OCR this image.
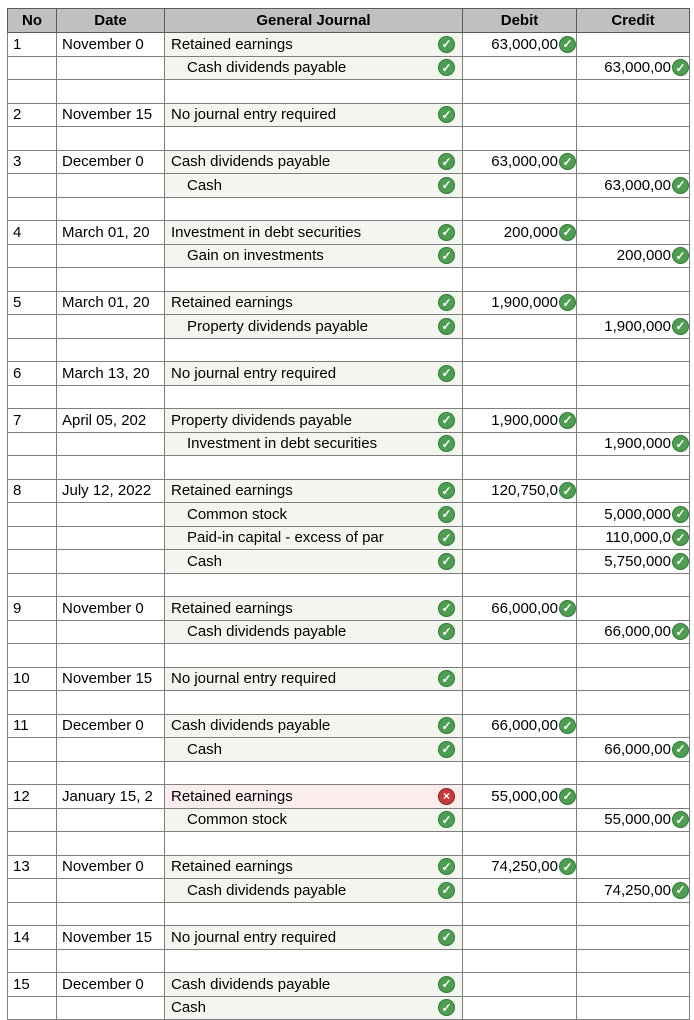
No	Date	General Journal	Debit	Credit
1	November 0	Retained earnings ✓	63,000,00 ✓	

		Cash dividends payable ✓		63,000,00 ✓

2	November 15	No journal entry required ✓		

3	December 0	Cash dividends payable ✓	63,000,00 ✓	

		Cash ✓		63,000,00 ✓

4	March 01, 20	Investment in debt securities ✓	200,000 ✓	

		Gain on investments ✓		200,000 ✓

5	March 01, 20	Retained earnings ✓	1,900,000 ✓	

		Property dividends payable ✓		1,900,000 ✓

6	March 13, 20	No journal entry required ✓		

7	April 05, 202	Property dividends payable ✓	1,900,000 ✓	

		Investment in debt securities ✓		1,900,000 ✓

8	July 12, 2022	Retained earnings ✓	120,750,0 ✓	

		Common stock ✓		5,000,000 ✓

		Paid-in capital - excess of par ✓		110,000,0 ✓

		Cash ✓		5,750,000 ✓

9	November 0	Retained earnings ✓	66,000,00 ✓	

		Cash dividends payable ✓		66,000,00 ✓

10	November 15	No journal entry required ✓		

11	December 0	Cash dividends payable ✓	66,000,00 ✓	

		Cash ✓		66,000,00 ✓

12	January 15, 2	Retained earnings ×	55,000,00 ✓	

		Common stock ✓		55,000,00 ✓

13	November 0	Retained earnings ✓	74,250,00 ✓	

		Cash dividends payable ✓		74,250,00 ✓

14	November 15	No journal entry required ✓		

15	December 0	Cash dividends payable ✓		

		Cash ✓		
